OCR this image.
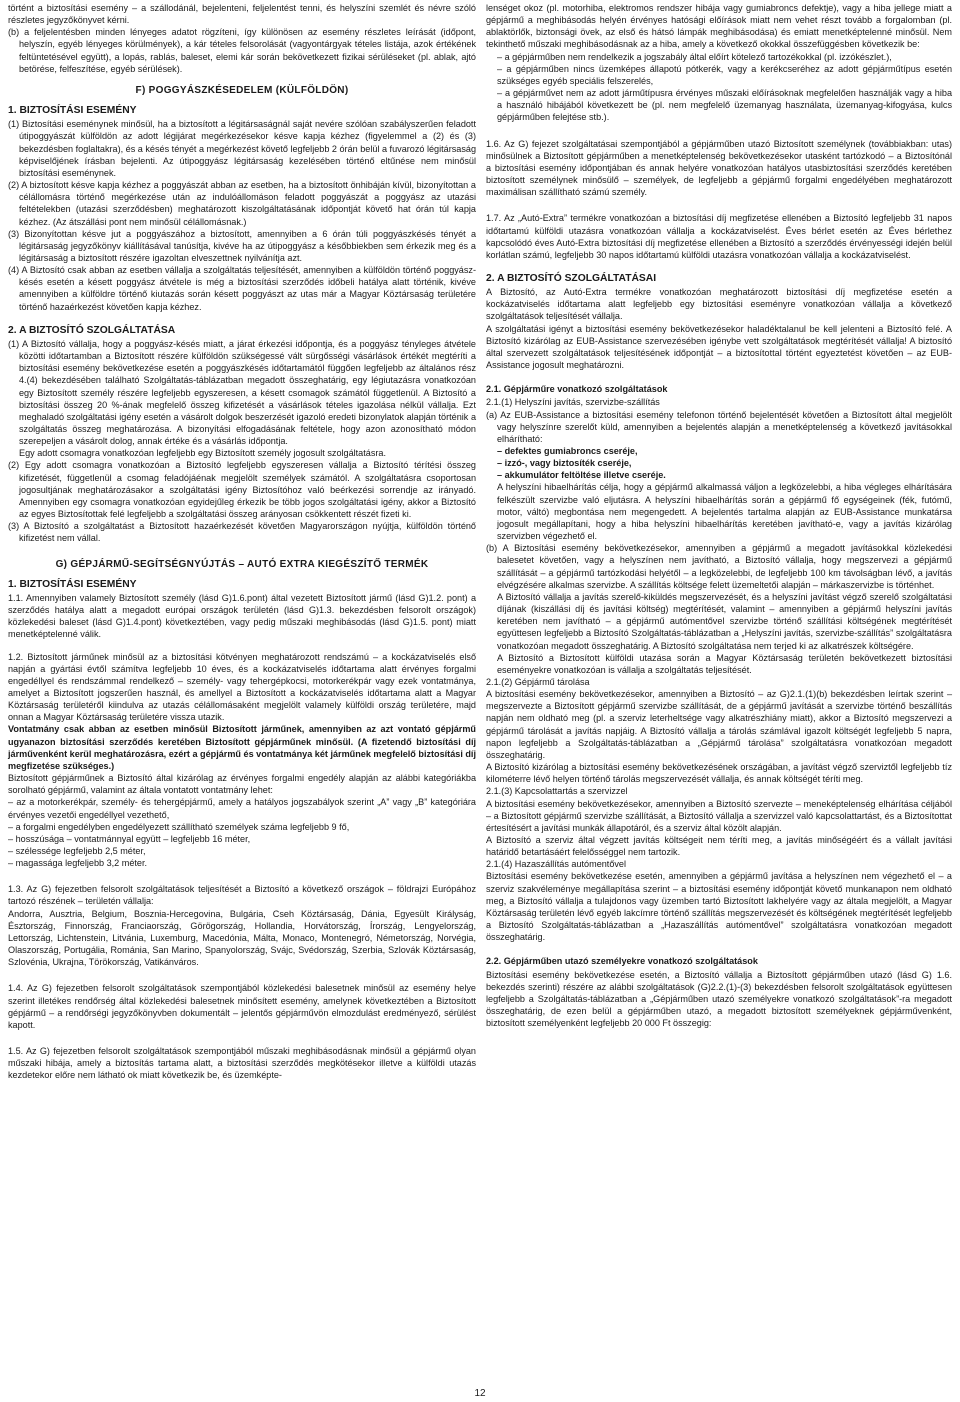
történt a biztosítási esemény – a szállodánál, bejelenteni, feljelentést tenni, és helyszíni szemlét és névre szóló részletes jegyzőkönyvet kérni.

(b) a feljelentésben minden lényeges adatot rögzíteni, így különösen az esemény részletes leírását (időpont, helyszín, egyéb lényeges körülmények), a kár tételes felsorolását (vagyontárgyak tételes listája, azok értékének feltüntetésével együtt), a lopás, rablás, baleset, elemi kár során bekövetkezett fizikai sérüléseket (pl. ablak, ajtó betörése, felfeszítése, egyéb sérülések).

F) POGGYÁSZKÉSEDELEM (KÜLFÖLDÖN)
1. BIZTOSÍTÁSI ESEMÉNY

(1) Biztosítási eseménynek minősül, ha a biztosított a légitársaságnál saját nevére szólóan szabályszerűen feladott útipoggyászát külföldön az adott légijárat megérkezésekor késve kapja kézhez (figyelemmel a (2) és (3) bekezdésben foglaltakra), és a késés tényét a megérkezést követő legfeljebb 2 órán belül a fuvarozó légitársaság képviselőjének írásban bejelenti. Az útipoggyász légitársaság kezelésében történő eltűnése nem minősül biztosítási eseménynek.

(2) A biztosított késve kapja kézhez a poggyászát abban az esetben, ha a biztosított önhibáján kívül, bizonyítottan a célállomásra történő megérkezése után az indulóállomáson feladott poggyászát a poggyász az utazási feltételekben (utazási szerződésben) meghatározott kiszolgáltatásának időpontját követő hat órán túl kapja kézhez. (Az átszállási pont nem minősül célállomásnak.)

(3) Bizonyítottan késve jut a poggyászához a biztosított, amennyiben a 6 órán túli poggyászkésés tényét a légitársaság jegyzőkönyv kiállításával tanúsítja, kivéve ha az útipoggyász a későbbiekben sem érkezik meg és a légitársaság a biztosított részére igazoltan elveszettnek nyilvánítja azt.

(4) A Biztosító csak abban az esetben vállalja a szolgáltatás teljesítését, amennyiben a külföldön történő poggyász-késés esetén a késett poggyász átvétele is még a biztosítási szerződés időbeli hatálya alatt történik, kivéve amennyiben a külföldre történő kiutazás során késett poggyászt az utas már a Magyar Köztársaság területére történő hazaérkezést követően kapja kézhez.

2. A BIZTOSÍTÓ SZOLGÁLTATÁSA

(1) A Biztosító vállalja, hogy a poggyász-késés miatt, a járat érkezési időpontja, és a poggyász tényleges átvétele közötti időtartamban a Biztosított részére külföldön szükségessé vált sürgősségi vásárlások értékét megtéríti a biztosítási esemény bekövetkezése esetén a poggyászkésés időtartamától függően legfeljebb az általános rész 4.(4) bekezdésében található Szolgáltatás-táblázatban megadott összeghatárig, egy légiutazásra vonatkozóan egy Biztosított személy részére legfeljebb egyszeresen, a késett csomagok számától függetlenül. A Biztosító a biztosítási összeg 20 %-ának megfelelő összeg kifizetését a vásárlások tételes igazolása nélkül vállalja. Ezt meghaladó szolgáltatási igény esetén a vásárolt dolgok beszerzését igazoló eredeti bizonylatok alapján történik a szolgáltatás összeg meghatározása. A bizonyítási elfogadásának feltétele, hogy azon azonosítható módon szerepeljen a vásárolt dolog, annak értéke és a vásárlás időpontja.

Egy adott csomagra vonatkozóan legfeljebb egy Biztosított személy jogosult szolgáltatásra.

(2) Egy adott csomagra vonatkozóan a Biztosító legfeljebb egyszeresen vállalja a Biztosító térítési összeg kifizetését, függetlenül a csomag feladójáénak megjelölt személyek számától. A szolgáltatásra csoportosan jogosultjának meghatározásakor a szolgáltatási igény Biztosítóhoz való beérkezési sorrendje az irányadó. Amennyiben egy csomagra vonatkozóan egyidejűleg érkezik be több jogos szolgáltatási igény, akkor a Biztosító az egyes Biztosítottak felé legfeljebb a szolgáltatási összeg arányosan csökkentett részét fizeti ki.

(3) A Biztosító a szolgáltatást a Biztosított hazaérkezését követően Magyarországon nyújtja, külföldön történő kifizetést nem vállal.

G) GÉPJÁRMŰ-SEGÍTSÉGNYÚJTÁS – AUTÓ EXTRA KIEGÉSZÍTŐ TERMÉK
1. BIZTOSÍTÁSI ESEMÉNY

1.1. Amennyiben valamely Biztosított személy (lásd G)1.6.pont) által vezetett Biztosított jármű (lásd G)1.2. pont) a szerződés hatálya alatt a megadott európai országok területén (lásd G)1.3. bekezdésben felsorolt országok) közlekedési baleset (lásd G)1.4.pont) következtében, vagy pedig műszaki meghibásodás (lásd G)1.5. pont) miatt menetképtelenné válik.

1.2. Biztosított járműnek minősül az a biztosítási kötvényen meghatározott rendszámú – a kockázatviselés első napján a gyártási évtől számítva legfeljebb 10 éves, és a kockázatviselés időtartama alatt érvényes forgalmi engedéllyel és rendszámmal rendelkező – személy- vagy tehergépkocsi, motorkerékpár vagy ezek vontatmánya, amelyet a Biztosított jogszerűen használ, és amellyel a Biztosított a kockázatviselés időtartama alatt a Magyar Köztársaság területéről kiindulva az utazás célállomásaként megjelölt valamely külföldi ország területére, majd onnan a Magyar Köztársaság területére vissza utazik.

Vontatmány csak abban az esetben minősül Biztosított járműnek, amennyiben az azt vontató gépjármű ugyanazon biztosítási szerződés keretében Biztosított gépjárműnek minősül. (A fizetendő biztosítási díj járművenként kerül meghatározásra, ezért a gépjármű és vontatmánya két járműnek megfelelő biztosítási díj megfizetése szükséges.)

Biztosított gépjárműnek a Biztosító által kizárólag az érvényes forgalmi engedély alapján az alábbi kategóriákba sorolható gépjármű, valamint az általa vontatott vontatmány lehet:

– az a motorkerékpár, személy- és tehergépjármű, amely a hatályos jogszabályok szerint „A” vagy „B” kategóriára érvényes vezetői engedéllyel vezethető,

– a forgalmi engedélyben engedélyezett szállítható személyek száma legfeljebb 9 fő,

– hosszúsága – vontatmánnyal együtt – legfeljebb 16 méter,

– szélessége legfeljebb 2,5 méter,

– magassága legfeljebb 3,2 méter.

1.3. Az G) fejezetben felsorolt szolgáltatások teljesítését a Biztosító a következő országok – földrajzi Európához tartozó részének – területén vállalja:

Andorra, Ausztria, Belgium, Bosznia-Hercegovina, Bulgária, Cseh Köztársaság, Dánia, Egyesült Királyság, Észtország, Finnország, Franciaország, Görögország, Hollandia, Horvátország, Írország, Lengyelország, Lettország, Lichtenstein, Litvánia, Luxemburg, Macedónia, Málta, Monaco, Montenegró, Németország, Norvégia, Olaszország, Portugália, Románia, San Marino, Spanyolország, Svájc, Svédország, Szerbia, Szlovák Köztársaság, Szlovénia, Ukrajna, Törökország, Vatikánváros.

1.4. Az G) fejezetben felsorolt szolgáltatások szempontjából közlekedési balesetnek minősül az esemény helye szerint illetékes rendőrség által közlekedési balesetnek minősített esemény, amelynek következtében a Biztosított gépjármű – a rendőrségi jegyzőkönyvben dokumentált – jelentős gépjárművön elmozdulást eredményező, sérülést kapott.

1.5. Az G) fejezetben felsorolt szolgáltatások szempontjából műszaki meghibásodásnak minősül a gépjármű olyan műszaki hibája, amely a biztosítás tartama alatt, a biztosítási szerződés megkötésekor illetve a külföldi utazás kezdetekor előre nem látható ok miatt következik be, és üzemképte-

lenséget okoz (pl. motorhiba, elektromos rendszer hibája vagy gumiabroncs defektje), vagy a hiba jellege miatt a gépjármű a meghibásodás helyén érvényes hatósági előírások miatt nem vehet részt tovább a forgalomban (pl. ablaktörlők, biztonsági övek, az első és hátsó lámpák meghibásodása) és emiatt menetképtelenné minősül. Nem tekinthető műszaki meghibásodásnak az a hiba, amely a következő okokkal összefüggésben következik be:

– a gépjárműben nem rendelkezik a jogszabály által előírt kötelező tartozékokkal (pl. izzókészlet.),

– a gépjárműben nincs üzemképes állapotú pótkerék, vagy a kerékcseréhez az adott gépjárműtípus esetén szükséges egyéb speciális felszerelés,

– a gépjárművet nem az adott járműtípusra érvényes műszaki előírásoknak megfelelően használják vagy a hiba a használó hibájából következett be (pl. nem megfelelő üzemanyag használata, üzemanyag-kifogyása, kulcs gépjárműben felejtése stb.).

1.6. Az G) fejezet szolgáltatásai szempontjából a gépjárműben utazó Biztosított személynek (továbbiakban: utas) minősülnek a Biztosított gépjárműben a menetképtelenség bekövetkezésekor utasként tartózkodó – a Biztosítónál a biztosítási esemény időpontjában és annak helyére vonatkozóan hatályos utasbiztosítási szerződés keretében biztosított személynek minősülő – személyek, de legfeljebb a gépjármű forgalmi engedélyében meghatározott maximálisan szállítható számú személy.

1.7. Az „Autó-Extra” termékre vonatkozóan a biztosítási díj megfizetése ellenében a Biztosító legfeljebb 31 napos időtartamú külföldi utazásra vonatkozóan vállalja a kockázatviselést. Éves bérlet esetén az Éves bérlethez kapcsolódó éves Autó-Extra biztosítási díj megfizetése ellenében a Biztosító a szerződés érvényességi idején belül korlátlan számú, legfeljebb 30 napos időtartamú külföldi utazásra vonatkozóan vállalja a kockázatviselést.

2. A BIZTOSÍTÓ SZOLGÁLTATÁSAI

A Biztosító, az Autó-Extra termékre vonatkozóan meghatározott biztosítási díj megfizetése esetén a kockázatviselés időtartama alatt legfeljebb egy biztosítási eseményre vonatkozóan vállalja a következő szolgáltatások teljesítését vállalja.

A szolgáltatási igényt a biztosítási esemény bekövetkezésekor haladéktalanul be kell jelenteni a Biztosító felé. A Biztosító kizárólag az EUB-Assistance szervezésében igénybe vett szolgáltatások megtérítését vállalja! A biztosító által szervezett szolgáltatások teljesítésének időpontját – a biztosítottal történt egyeztetést követően – az EUB-Assistance jogosult meghatározni.

2.1. Gépjárműre vonatkozó szolgáltatások

2.1.(1) Helyszíni javítás, szervizbe-szállítás

(a) Az EUB-Assistance a biztosítási esemény telefonon történő bejelentését követően a Biztosított által megjelölt vagy helyszínre szerelőt küld, amennyiben a bejelentés alapján a menetképtelenség a következő javításokkal elhárítható:

– defektes gumiabroncs cseréje,

– izzó-, vagy biztosíték cseréje,

– akkumulátor feltöltése illetve cseréje.

A helyszíni hibaelhárítás célja, hogy a gépjármű alkalmassá váljon a legközelebbi, a hiba végleges elhárítására felkészült szervizbe való eljutásra. A helyszíni hibaelhárítás során a gépjármű fő egységeinek (fék, futómű, motor, váltó) megbontása nem megengedett. A bejelentés tartalma alapján az EUB-Assistance munkatársa jogosult megállapítani, hogy a hiba helyszíni hibaelhárítás keretében javítható-e, vagy a javítás kizárólag szervizben végezhető el.

(b) A Biztosítási esemény bekövetkezésekor, amennyiben a gépjármű a megadott javításokkal közlekedési balesetet követően, vagy a helyszínen nem javítható, a Biztosító vállalja, hogy megszervezi a gépjármű szállítását – a gépjármű tartózkodási helyétől – a legközelebbi, de legfeljebb 100 km távolságban lévő, a javítás elvégzésére alkalmas szervizbe. A szállítás költsége felett üzemeltetői alapján – márkaszervizbe is történhet.

A Biztosító vállalja a javítás szerelő-kiküldés megszervezését, és a helyszíni javítást végző szerelő szolgáltatási díjának (kiszállási díj és javítási költség) megtérítését, valamint – amennyiben a gépjármű helyszíni javítás keretében nem javítható – a gépjármű autómentővel szervizbe történő szállítási költségének megtérítését együttesen legfeljebb a Biztosító Szolgáltatás-táblázatban a „Helyszíni javítás, szervizbe-szállítás” szolgáltatásra vonatkozóan megadott összeghatárig. A Biztosító szolgáltatása nem terjed ki az alkatrészek költségére.

A Biztosító a Biztosított külföldi utazása során a Magyar Köztársaság területén bekövetkezett biztosítási eseményekre vonatkozóan is vállalja a szolgáltatás teljesítését.

2.1.(2) Gépjármű tárolása

A biztosítási esemény bekövetkezésekor, amennyiben a Biztosító – az G)2.1.(1)(b) bekezdésben leírtak szerint – megszervezte a Biztosított gépjármű szervizbe szállítását, de a gépjármű javítását a szervizbe történő beszállítás napján nem oldható meg (pl. a szerviz leterheltsége vagy alkatrészhiány miatt), akkor a Biztosító megszervezi a gépjármű tárolását a javítás napjáig. A Biztosító vállalja a tárolás számlával igazolt költségét legfeljebb 5 napra, napon legfeljebb a Szolgáltatás-táblázatban a „Gépjármű tárolása” szolgáltatásra vonatkozóan megadott összeghatárig.

A Biztosító kizárólag a biztosítási esemény bekövetkezésének országában, a javítást végző szerviztől legfeljebb tíz kilométerre lévő helyen történő tárolás megszervezését vállalja, és annak költségét téríti meg.

2.1.(3) Kapcsolattartás a szervizzel

A biztosítási esemény bekövetkezésekor, amennyiben a Biztosító szervezte – meneképtelenség elhárítása céljából – a Biztosított gépjármű szervizbe szállítását, a Biztosító vállalja a szervizzel való kapcsolattartást, és a Biztosítottat értesítésért a javítási munkák állapotáról, és a szerviz által közölt alapján.

A Biztosító a szerviz által végzett javítás költségeit nem téríti meg, a javítás minőségéért és a vállalt javítási határidő betartásáért felelősséggel nem tartozik.

2.1.(4) Hazaszállítás autómentővel

Biztosítási esemény bekövetkezése esetén, amennyiben a gépjármű javítása a helyszínen nem végezhető el – a szerviz szakvéleménye megállapítása szerint – a biztosítási esemény időpontját követő munkanapon nem oldható meg, a Biztosító vállalja a tulajdonos vagy üzemben tartó Biztosított lakhelyére vagy az általa megjelölt, a Magyar Köztársaság területén lévő egyéb lakcímre történő szállítás megszervezését és költségének megtérítését legfeljebb a Biztosító Szolgáltatás-táblázatban a „Hazaszállítás autómentővel” szolgáltatásra vonatkozóan megadott összeghatárig.

2.2. Gépjárműben utazó személyekre vonatkozó szolgáltatások

Biztosítási esemény bekövetkezése esetén, a Biztosító vállalja a Biztosított gépjárműben utazó (lásd G) 1.6. bekezdés szerinti) részére az alábbi szolgáltatások (G)2.2.(1)-(3) bekezdésben felsorolt szolgáltatások együttesen legfeljebb a Szolgáltatás-táblázatban a „Gépjárműben utazó személyekre vonatkozó szolgáltatások”-ra megadott összeghatárig, de ezen belül a gépjárműben utazó, a megadott biztosított személyeknek gépjárművenként, biztosított személyenként legfeljebb 20 000 Ft összegig:

12
